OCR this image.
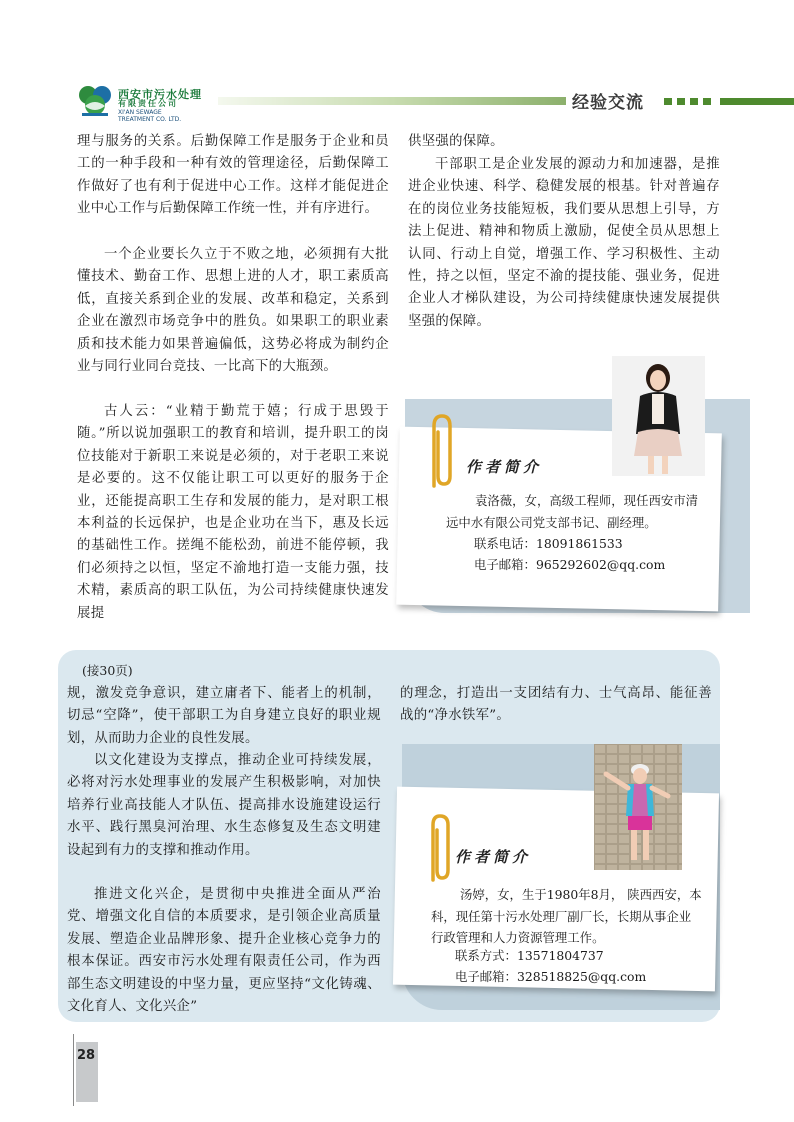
西安市污水处理
有限责任公司
XI'AN SEWAGE
TREATMENT CO. LTD.
经验交流

理与服务的关系。后勤保障工作是服务于企业和员工的一种手段和一种有效的管理途径，后勤保障工作做好了也有利于促进中心工作。这样才能促进企业中心工作与后勤保障工作统一性，并有序进行。

一个企业要长久立于不败之地，必须拥有大批懂技术、勤奋工作、思想上进的人才，职工素质高低，直接关系到企业的发展、改革和稳定，关系到企业在激烈市场竞争中的胜负。如果职工的职业素质和技术能力如果普遍偏低，这势必将成为制约企业与同行业同台竞技、一比高下的大瓶颈。

古人云：“业精于勤荒于嬉；行成于思毁于随。”所以说加强职工的教育和培训，提升职工的岗位技能对于新职工来说是必须的，对于老职工来说是必要的。这不仅能让职工可以更好的服务于企业，还能提高职工生存和发展的能力，是对职工根本利益的长远保护，也是企业功在当下，惠及长远的基础性工作。搓绳不能松劲，前进不能停顿，我们必须持之以恒，坚定不渝地打造一支能力强，技术精，素质高的职工队伍，为公司持续健康快速发展提

供坚强的保障。

干部职工是企业发展的源动力和加速器，是推进企业快速、科学、稳健发展的根基。针对普遍存在的岗位业务技能短板，我们要从思想上引导，方法上促进、精神和物质上激励，促使全员从思想上认同、行动上自觉，增强工作、学习积极性、主动性，持之以恒，坚定不渝的提技能、强业务，促进企业人才梯队建设，为公司持续健康快速发展提供坚强的保障。

作者简介

袁洛薇，女，高级工程师，现任西安市清远中水有限公司党支部书记、副经理。

联系电话：18091861533
电子邮箱：965292602@qq.com
(接30页)

规，激发竞争意识，建立庸者下、能者上的机制，切忌“空降”，使干部职工为自身建立良好的职业规划，从而助力企业的良性发展。

以文化建设为支撑点，推动企业可持续发展，必将对污水处理事业的发展产生积极影响，对加快培养行业高技能人才队伍、提高排水设施建设运行水平、践行黑臭河治理、水生态修复及生态文明建设起到有力的支撑和推动作用。

推进文化兴企，是贯彻中央推进全面从严治党、增强文化自信的本质要求，是引领企业高质量发展、塑造企业品牌形象、提升企业核心竞争力的根本保证。西安市污水处理有限责任公司，作为西部生态文明建设的中坚力量，更应坚持“文化铸魂、文化育人、文化兴企”

的理念，打造出一支团结有力、士气高昂、能征善战的“净水铁军”。

作者简介

汤婷，女，生于1980年8月， 陕西西安，本科，现任第十污水处理厂副厂长，长期从事企业行政管理和人力资源管理工作。

联系方式：13571804737
电子邮箱：328518825@qq.com
28
